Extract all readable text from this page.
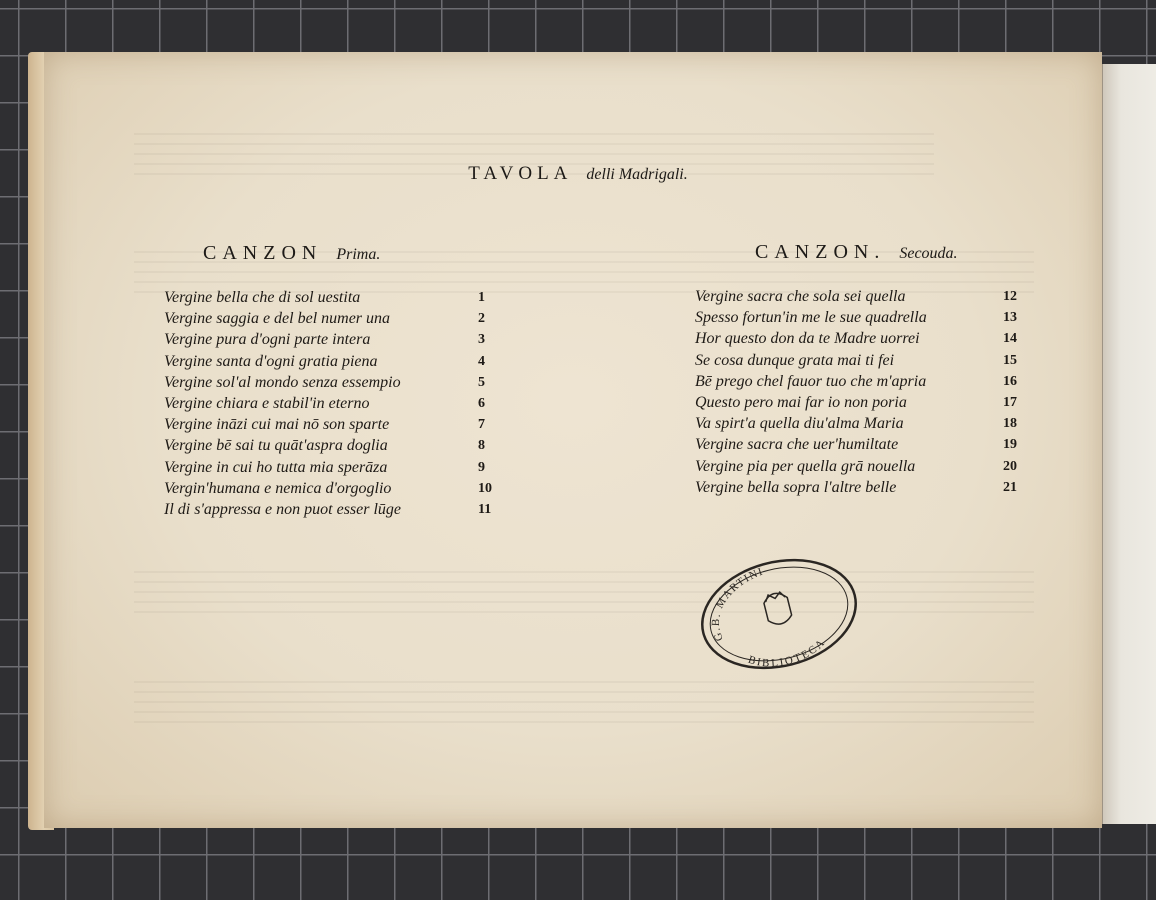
TAVOLA delli Madrigali.
CANZON Prima.	CANZON. Secouda.
Vergine bella che di sol uestita	1
Vergine saggia e del bel numer una	2
Vergine pura d'ogni parte intera	3
Vergine santa d'ogni gratia piena	4
Vergine sol'al mondo senza essempio	5
Vergine chiara e stabil'in eterno	6
Vergine ināzi cui mai nō son sparte	7
Vergine bē sai tu quāt'aspra doglia	8
Vergine in cui ho tutta mia sperāza	9
Vergin'humana e nemica d'orgoglio	10
Il di s'appressa e non puot esser lūge	11
Vergine sacra che sola sei quella	12
Spesso fortun'in me le sue quadrella	13
Hor questo don da te Madre uorrei	14
Se cosa dunque grata mai ti fei	15
Bē prego chel fauor tuo che m'apria	16
Questo pero mai far io non poria	17
Va spirt'a quella diu'alma Maria	18
Vergine sacra che uer'humiltate	19
Vergine pia per quella grā nouella	20
Vergine bella sopra l'altre belle	21
G.B. MARTINI
BIBLIOTECA
